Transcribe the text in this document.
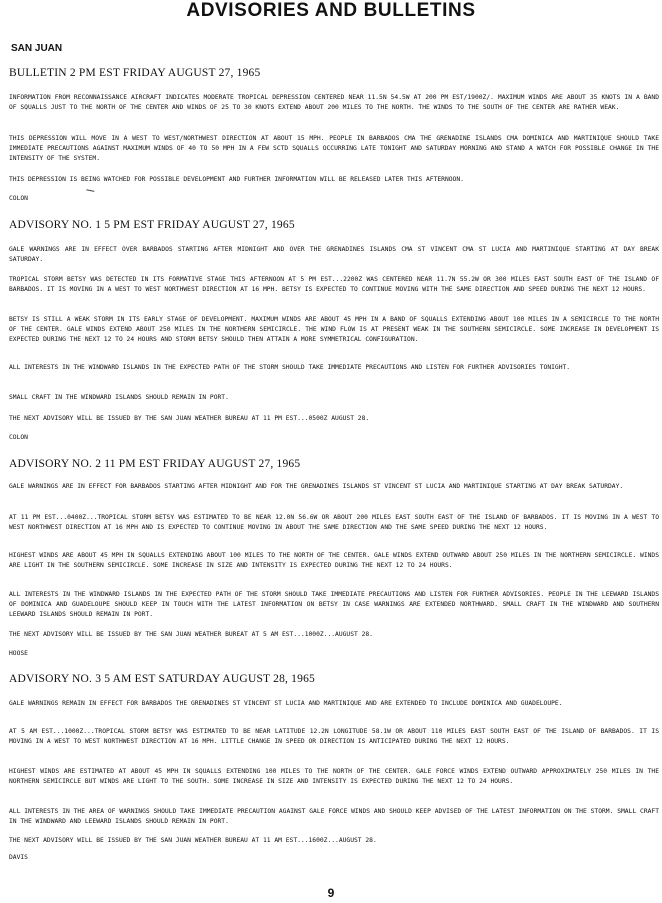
ADVISORIES AND BULLETINS
SAN JUAN
BULLETIN 2 PM EST FRIDAY AUGUST 27, 1965
INFORMATION FROM RECONNAISSANCE AIRCRAFT INDICATES MODERATE TROPICAL DEPRESSION CENTERED NEAR 11.5N 54.5W AT 200 PM EST/1900Z/. MAXIMUM WINDS ARE ABOUT 35 KNOTS IN A BAND OF SQUALLS JUST TO THE NORTH OF THE CENTER AND WINDS OF 25 TO 30 KNOTS EXTEND ABOUT 200 MILES TO THE NORTH. THE WINDS TO THE SOUTH OF THE CENTER ARE RATHER WEAK.
THIS DEPRESSION WILL MOVE IN A WEST TO WEST/NORTHWEST DIRECTION AT ABOUT 15 MPH. PEOPLE IN BARBADOS CMA THE GRENADINE ISLANDS CMA DOMINICA AND MARTINIQUE SHOULD TAKE IMMEDIATE PRECAUTIONS AGAINST MAXIMUM WINDS OF 40 TO 50 MPH IN A FEW SCTD SQUALLS OCCURRING LATE TONIGHT AND SATURDAY MORNING AND STAND A WATCH FOR POSSIBLE CHANGE IN THE INTENSITY OF THE SYSTEM.
THIS DEPRESSION IS BEING WATCHED FOR POSSIBLE DEVELOPMENT AND FURTHER INFORMATION WILL BE RELEASED LATER THIS AFTERNOON.
COLON
ADVISORY NO. 1 5 PM EST FRIDAY AUGUST 27, 1965
GALE WARNINGS ARE IN EFFECT OVER BARBADOS STARTING AFTER MIDNIGHT AND OVER THE GRENADINES ISLANDS CMA ST VINCENT CMA ST LUCIA AND MARTINIQUE STARTING AT DAY BREAK SATURDAY.
TROPICAL STORM BETSY WAS DETECTED IN ITS FORMATIVE STAGE THIS AFTERNOON AT 5 PM EST...2200Z WAS CENTERED NEAR 11.7N 55.2W OR 300 MILES EAST SOUTH EAST OF THE ISLAND OF BARBADOS. IT IS MOVING IN A WEST TO WEST NORTHWEST DIRECTION AT 16 MPH. BETSY IS EXPECTED TO CONTINUE MOVING WITH THE SAME DIRECTION AND SPEED DURING THE NEXT 12 HOURS.
BETSY IS STILL A WEAK STORM IN ITS EARLY STAGE OF DEVELOPMENT. MAXIMUM WINDS ARE ABOUT 45 MPH IN A BAND OF SQUALLS EXTENDING ABOUT 100 MILES IN A SEMICIRCLE TO THE NORTH OF THE CENTER. GALE WINDS EXTEND ABOUT 250 MILES IN THE NORTHERN SEMICIRCLE. THE WIND FLOW IS AT PRESENT WEAK IN THE SOUTHERN SEMICIRCLE. SOME INCREASE IN DEVELOPMENT IS EXPECTED DURING THE NEXT 12 TO 24 HOURS AND STORM BETSY SHOULD THEN ATTAIN A MORE SYMMETRICAL CONFIGURATION.
ALL INTERESTS IN THE WINDWARD ISLANDS IN THE EXPECTED PATH OF THE STORM SHOULD TAKE IMMEDIATE PRECAUTIONS AND LISTEN FOR FURTHER ADVISORIES TONIGHT.
SMALL CRAFT IN THE WINDWARD ISLANDS SHOULD REMAIN IN PORT.
THE NEXT ADVISORY WILL BE ISSUED BY THE SAN JUAN WEATHER BUREAU AT 11 PM EST...0500Z AUGUST 28.
COLON
ADVISORY NO. 2 11 PM EST FRIDAY AUGUST 27, 1965
GALE WARNINGS ARE IN EFFECT FOR BARBADOS STARTING AFTER MIDNIGHT AND FOR THE GRENADINES ISLANDS ST VINCENT ST LUCIA AND MARTINIQUE STARTING AT DAY BREAK SATURDAY.
AT 11 PM EST...0400Z...TROPICAL STORM BETSY WAS ESTIMATED TO BE NEAR 12.0N 56.6W OR ABOUT 200 MILES EAST SOUTH EAST OF THE ISLAND OF BARBADOS. IT IS MOVING IN A WEST TO WEST NORTHWEST DIRECTION AT 16 MPH AND IS EXPECTED TO CONTINUE MOVING IN ABOUT THE SAME DIRECTION AND THE SAME SPEED DURING THE NEXT 12 HOURS.
HIGHEST WINDS ARE ABOUT 45 MPH IN SQUALLS EXTENDING ABOUT 100 MILES TO THE NORTH OF THE CENTER. GALE WINDS EXTEND OUTWARD ABOUT 250 MILES IN THE NORTHERN SEMICIRCLE. WINDS ARE LIGHT IN THE SOUTHERN SEMICIRCLE. SOME INCREASE IN SIZE AND INTENSITY IS EXPECTED DURING THE NEXT 12 TO 24 HOURS.
ALL INTERESTS IN THE WINDWARD ISLANDS IN THE EXPECTED PATH OF THE STORM SHOULD TAKE IMMEDIATE PRECAUTIONS AND LISTEN FOR FURTHER ADVISORIES. PEOPLE IN THE LEEWARD ISLANDS OF DOMINICA AND GUADELOUPE SHOULD KEEP IN TOUCH WITH THE LATEST INFORMATION ON BETSY IN CASE WARNINGS ARE EXTENDED NORTHWARD. SMALL CRAFT IN THE WINDWARD AND SOUTHERN LEEWARD ISLANDS SHOULD REMAIN IN PORT.
THE NEXT ADVISORY WILL BE ISSUED BY THE SAN JUAN WEATHER BUREAT AT 5 AM EST...1000Z...AUGUST 28.
HOOSE
ADVISORY NO. 3 5 AM EST SATURDAY AUGUST 28, 1965
GALE WARNINGS REMAIN IN EFFECT FOR BARBADOS THE GRENADINES ST VINCENT ST LUCIA AND MARTINIQUE AND ARE EXTENDED TO INCLUDE DOMINICA AND GUADELOUPE.
AT 5 AM EST...1000Z...TROPICAL STORM BETSY WAS ESTIMATED TO BE NEAR LATITUDE 12.2N LONGITUDE 58.1W OR ABOUT 110 MILES EAST SOUTH EAST OF THE ISLAND OF BARBADOS. IT IS MOVING IN A WEST TO WEST NORTHWEST DIRECTION AT 16 MPH. LITTLE CHANGE IN SPEED OR DIRECTION IS ANTICIPATED DURING THE NEXT 12 HOURS.
HIGHEST WINDS ARE ESTIMATED AT ABOUT 45 MPH IN SQUALLS EXTENDING 100 MILES TO THE NORTH OF THE CENTER. GALE FORCE WINDS EXTEND OUTWARD APPROXIMATELY 250 MILES IN THE NORTHERN SEMICIRCLE BUT WINDS ARE LIGHT TO THE SOUTH. SOME INCREASE IN SIZE AND INTENSITY IS EXPECTED DURING THE NEXT 12 TO 24 HOURS.
ALL INTERESTS IN THE AREA OF WARNINGS SHOULD TAKE IMMEDIATE PRECAUTION AGAINST GALE FORCE WINDS AND SHOULD KEEP ADVISED OF THE LATEST INFORMATION ON THE STORM. SMALL CRAFT IN THE WINDWARD AND LEEWARD ISLANDS SHOULD REMAIN IN PORT.
THE NEXT ADVISORY WILL BE ISSUED BY THE SAN JUAN WEATHER BUREAU AT 11 AM EST...1600Z...AUGUST 28.
DAVIS
9
